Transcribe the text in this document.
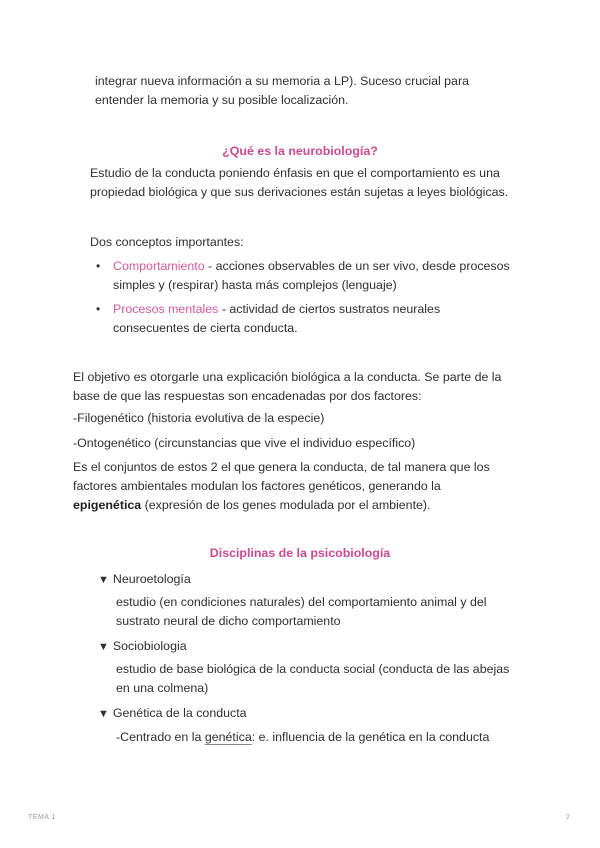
integrar nueva información a su memoria a LP). Suceso crucial para
entender la memoria y su posible localización.
¿Qué es la neurobiología?
Estudio de la conducta poniendo énfasis en que el comportamiento es una
propiedad biológica y que sus derivaciones están sujetas a leyes biológicas.
Dos conceptos importantes:
• Comportamiento - acciones observables de un ser vivo, desde procesos
simples y (respirar) hasta más complejos (lenguaje)
• Procesos mentales - actividad de ciertos sustratos neurales
consecuentes de cierta conducta.
El objetivo es otorgarle una explicación biológica a la conducta. Se parte de la
base de que las respuestas son encadenadas por dos factores:
-Filogenético (historia evolutiva de la especie)
-Ontogenético (circunstancias que vive el individuo específico)
Es el conjuntos de estos 2 el que genera la conducta, de tal manera que los
factores ambientales modulan los factores genéticos, generando la
epigenética (expresión de los genes modulada por el ambiente).
Disciplinas de la psicobiología
▼ Neuroetología
estudio (en condiciones naturales) del comportamiento animal y del
sustrato neural de dicho comportamiento
▼ Sociobiologia
estudio de base biológica de la conducta social (conducta de las abejas
en una colmena)
▼ Genética de la conducta
-Centrado en la genética: e. influencia de la genética en la conducta
TEMA 1	2
